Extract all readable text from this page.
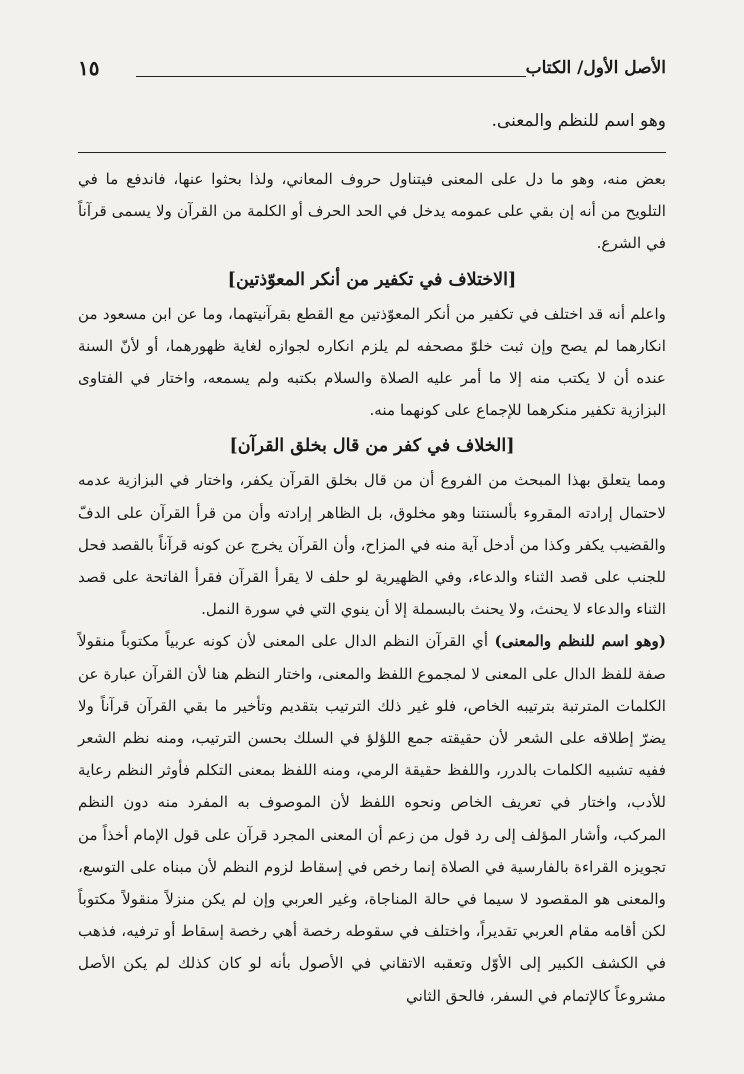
الأصل الأول/ الكتاب
١٥

وهو اسم للنظم والمعنى.

بعض منه، وهو ما دل على المعنى فيتناول حروف المعاني، ولذا بحثوا عنها، فاندفع ما في التلويح من أنه إن بقي على عمومه يدخل في الحد الحرف أو الكلمة من القرآن ولا يسمى قرآناً في الشرع.

[الاختلاف في تكفير من أنكر المعوّذتين]

واعلم أنه قد اختلف في تكفير من أنكر المعوّذتين مع القطع بقرآنيتهما، وما عن ابن مسعود من انكارهما لم يصح وإن ثبت خلوّ مصحفه لم يلزم انكاره لجوازه لغاية ظهورهما، أو لأنّ السنة عنده أن لا يكتب منه إلا ما أمر عليه الصلاة والسلام بكتبه ولم يسمعه، واختار في الفتاوى البزازية تكفير منكرهما للإجماع على كونهما منه.

[الخلاف في كفر من قال بخلق القرآن]

ومما يتعلق بهذا المبحث من الفروع أن من قال بخلق القرآن يكفر، واختار في البزازية عدمه لاحتمال إرادته المقروء بألسنتنا وهو مخلوق، بل الظاهر إرادته وأن من قرأ القرآن على الدفّ والقضيب يكفر وكذا من أدخل آية منه في المزاح، وأن القرآن يخرج عن كونه قرآناً بالقصد فحل للجنب على قصد الثناء والدعاء، وفي الظهيرية لو حلف لا يقرأ القرآن فقرأ الفاتحة على قصد الثناء والدعاء لا يحنث، ولا يحنث بالبسملة إلا أن ينوي التي في سورة النمل.

(وهو اسم للنظم والمعنى) أي القرآن النظم الدال على المعنى لأن كونه عربياً مكتوباً منقولاً صفة للفظ الدال على المعنى لا لمجموع اللفظ والمعنى، واختار النظم هنا لأن القرآن عبارة عن الكلمات المترتبة بترتيبه الخاص، فلو غير ذلك الترتيب بتقديم وتأخير ما بقي القرآن قرآناً ولا يضرّ إطلاقه على الشعر لأن حقيقته جمع اللؤلؤ في السلك بحسن الترتيب، ومنه نظم الشعر ففيه تشبيه الكلمات بالدرر، واللفظ حقيقة الرمي، ومنه اللفظ بمعنى التكلم فأوثر النظم رعاية للأدب، واختار في تعريف الخاص ونحوه اللفظ لأن الموصوف به المفرد منه دون النظم المركب، وأشار المؤلف إلى رد قول من زعم أن المعنى المجرد قرآن على قول الإمام أخذاً من تجويزه القراءة بالفارسية في الصلاة إنما رخص في إسقاط لزوم النظم لأن مبناه على التوسع، والمعنى هو المقصود لا سيما في حالة المناجاة، وغير العربي وإن لم يكن منزلاً منقولاً مكتوباً لكن أقامه مقام العربي تقديراً، واختلف في سقوطه رخصة أهي رخصة إسقاط أو ترفيه، فذهب في الكشف الكبير إلى الأوّل وتعقبه الاتقاني في الأصول بأنه لو كان كذلك لم يكن الأصل مشروعاً كالإتمام في السفر، فالحق الثاني
